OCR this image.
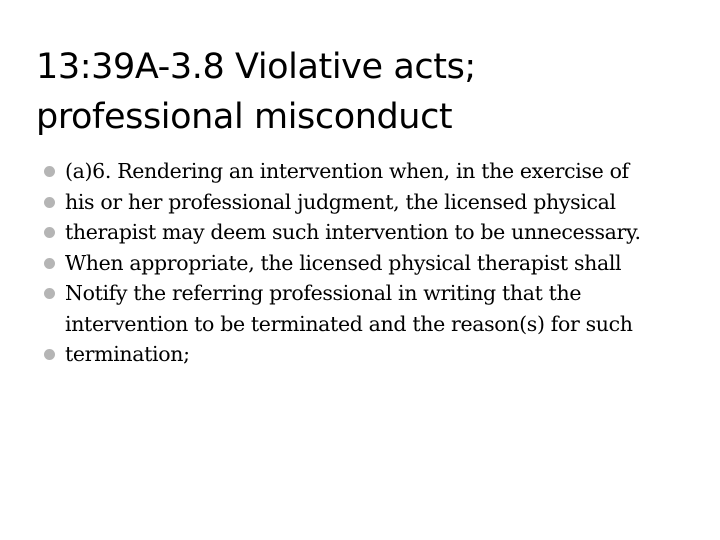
13:39A-3.8 Violative acts;
professional misconduct
(a)6. Rendering an intervention when, in the exercise of
his or her professional judgment, the licensed physical
therapist may deem such intervention to be unnecessary.
When appropriate, the licensed physical therapist shall
Notify the referring professional in writing that the
intervention to be terminated and the reason(s) for such
termination;
